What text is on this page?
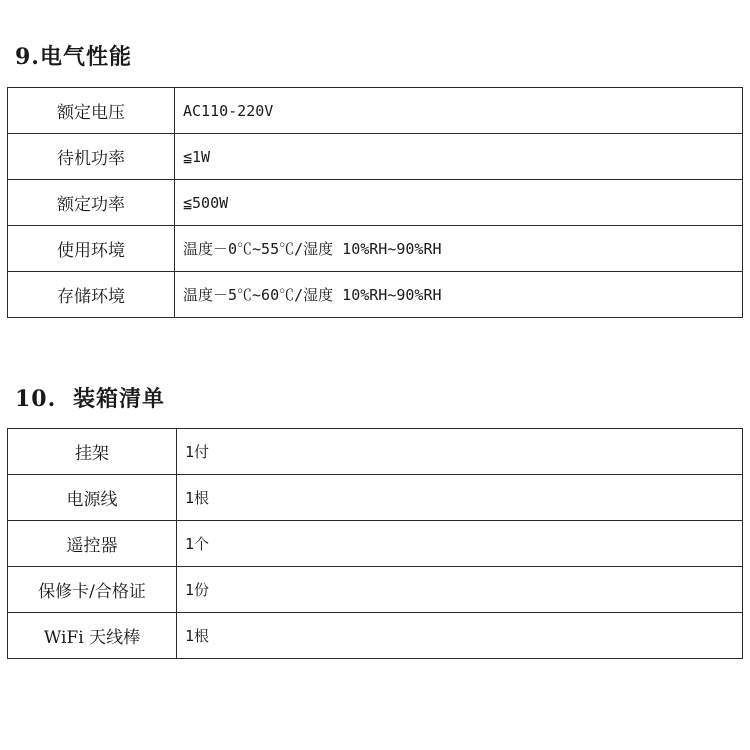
9.电气性能
额定电压	AC110-220V
待机功率	≦1W
额定功率	≦500W
使用环境	温度－0℃~55℃/湿度 10%RH~90%RH
存储环境	温度－5℃~60℃/湿度 10%RH~90%RH
10. 装箱清单
挂架	1付
电源线	1根
遥控器	1个
保修卡/合格证	1份
WiFi 天线棒	1根
